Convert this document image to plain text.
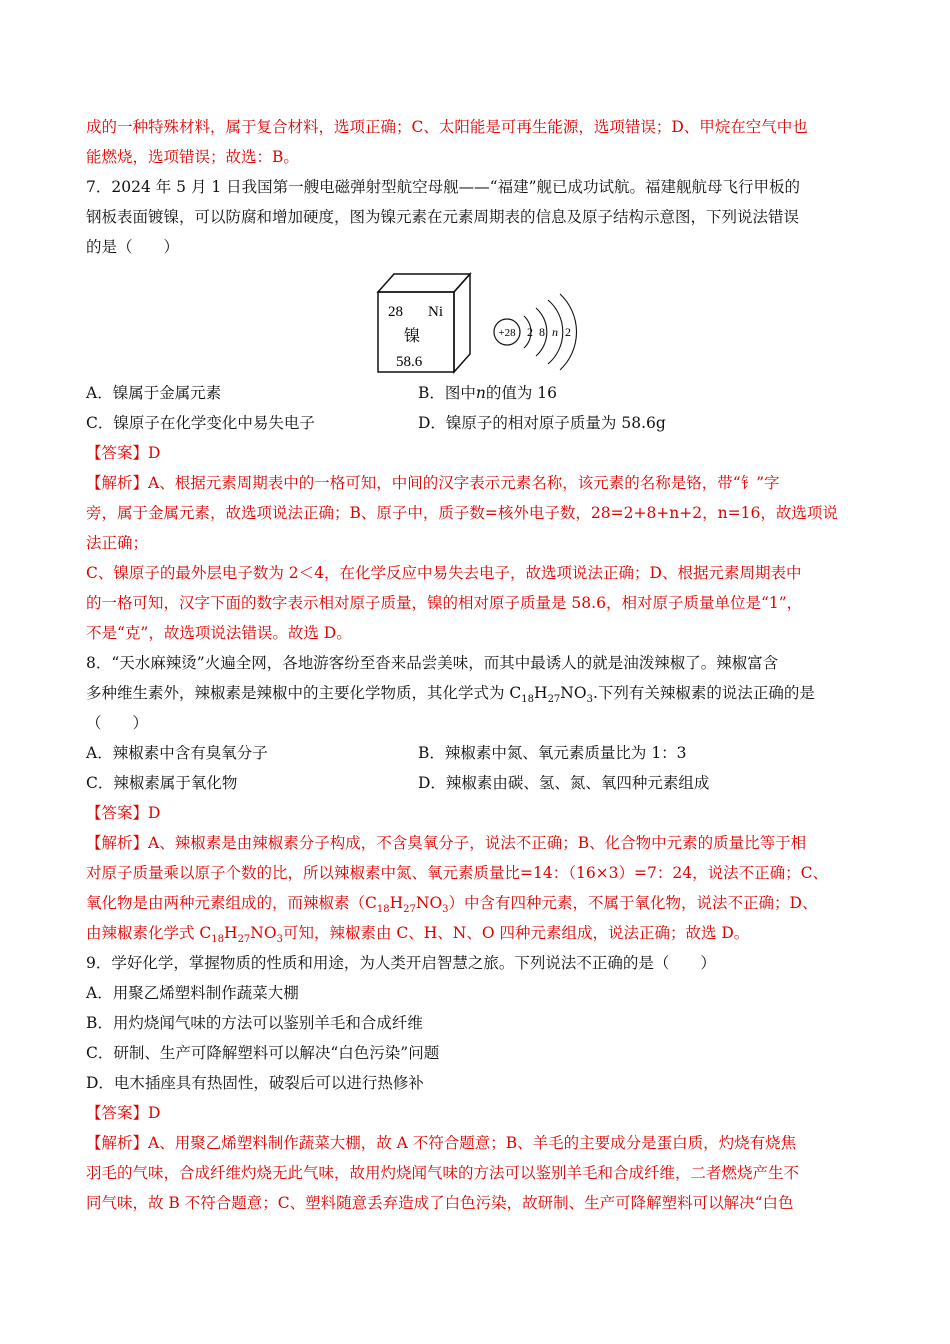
成的一种特殊材料，属于复合材料，选项正确；C、太阳能是可再生能源，选项错误；D、甲烷在空气中也
能燃烧，选项错误；故选：B。
7．2024 年 5 月 1 日我国第一艘电磁弹射型航空母舰——“福建”舰已成功试航。福建舰航母飞行甲板的
钢板表面镀镍，可以防腐和增加硬度，图为镍元素在元素周期表的信息及原子结构示意图，下列说法错误
的是（　　）
28 Ni
镍
58.6
+28 2 8 n 2
A．镍属于金属元素	B．图中n的值为 16
C．镍原子在化学变化中易失电子	D．镍原子的相对原子质量为 58.6g
【答案】D
【解析】A、根据元素周期表中的一格可知，中间的汉字表示元素名称，该元素的名称是铬，带“钅”字
旁，属于金属元素，故选项说法正确；B、原子中，质子数=核外电子数，28=2+8+n+2，n=16，故选项说
法正确；
C、镍原子的最外层电子数为 2＜4，在化学反应中易失去电子，故选项说法正确；D、根据元素周期表中
的一格可知，汉字下面的数字表示相对原子质量，镍的相对原子质量是 58.6，相对原子质量单位是“1”，
不是“克”，故选项说法错误。故选 D。
8．“天水麻辣烫”火遍全网，各地游客纷至沓来品尝美味，而其中最诱人的就是油泼辣椒了。辣椒富含
多种维生素外，辣椒素是辣椒中的主要化学物质，其化学式为 $C_{18}H_{27}NO_3$.下列有关辣椒素的说法正确的是
（　　）
A．辣椒素中含有臭氧分子	B．辣椒素中氮、氧元素质量比为 1：3
C．辣椒素属于氧化物	D．辣椒素由碳、氢、氮、氧四种元素组成
【答案】D
【解析】A、辣椒素是由辣椒素分子构成，不含臭氧分子，说法不正确；B、化合物中元素的质量比等于相
对原子质量乘以原子个数的比，所以辣椒素中氮、氧元素质量比=14：（16×3）=7：24，说法不正确；C、
氧化物是由两种元素组成的，而辣椒素$(C_{18}H_{27}NO_3)$中含有四种元素，不属于氧化物，说法不正确；D、
由辣椒素化学式 $C_{18}H_{27}NO_3$可知，辣椒素由 C、H、N、O 四种元素组成，说法正确；故选 D。
9．学好化学，掌握物质的性质和用途，为人类开启智慧之旅。下列说法不正确的是（　　）
A．用聚乙烯塑料制作蔬菜大棚
B．用灼烧闻气味的方法可以鉴别羊毛和合成纤维
C．研制、生产可降解塑料可以解决“白色污染”问题
D．电木插座具有热固性，破裂后可以进行热修补
【答案】D
【解析】A、用聚乙烯塑料制作蔬菜大棚，故 A 不符合题意；B、羊毛的主要成分是蛋白质，灼烧有烧焦
羽毛的气味，合成纤维灼烧无此气味，故用灼烧闻气味的方法可以鉴别羊毛和合成纤维，二者燃烧产生不
同气味，故 B 不符合题意；C、塑料随意丢弃造成了白色污染，故研制、生产可降解塑料可以解决“白色
